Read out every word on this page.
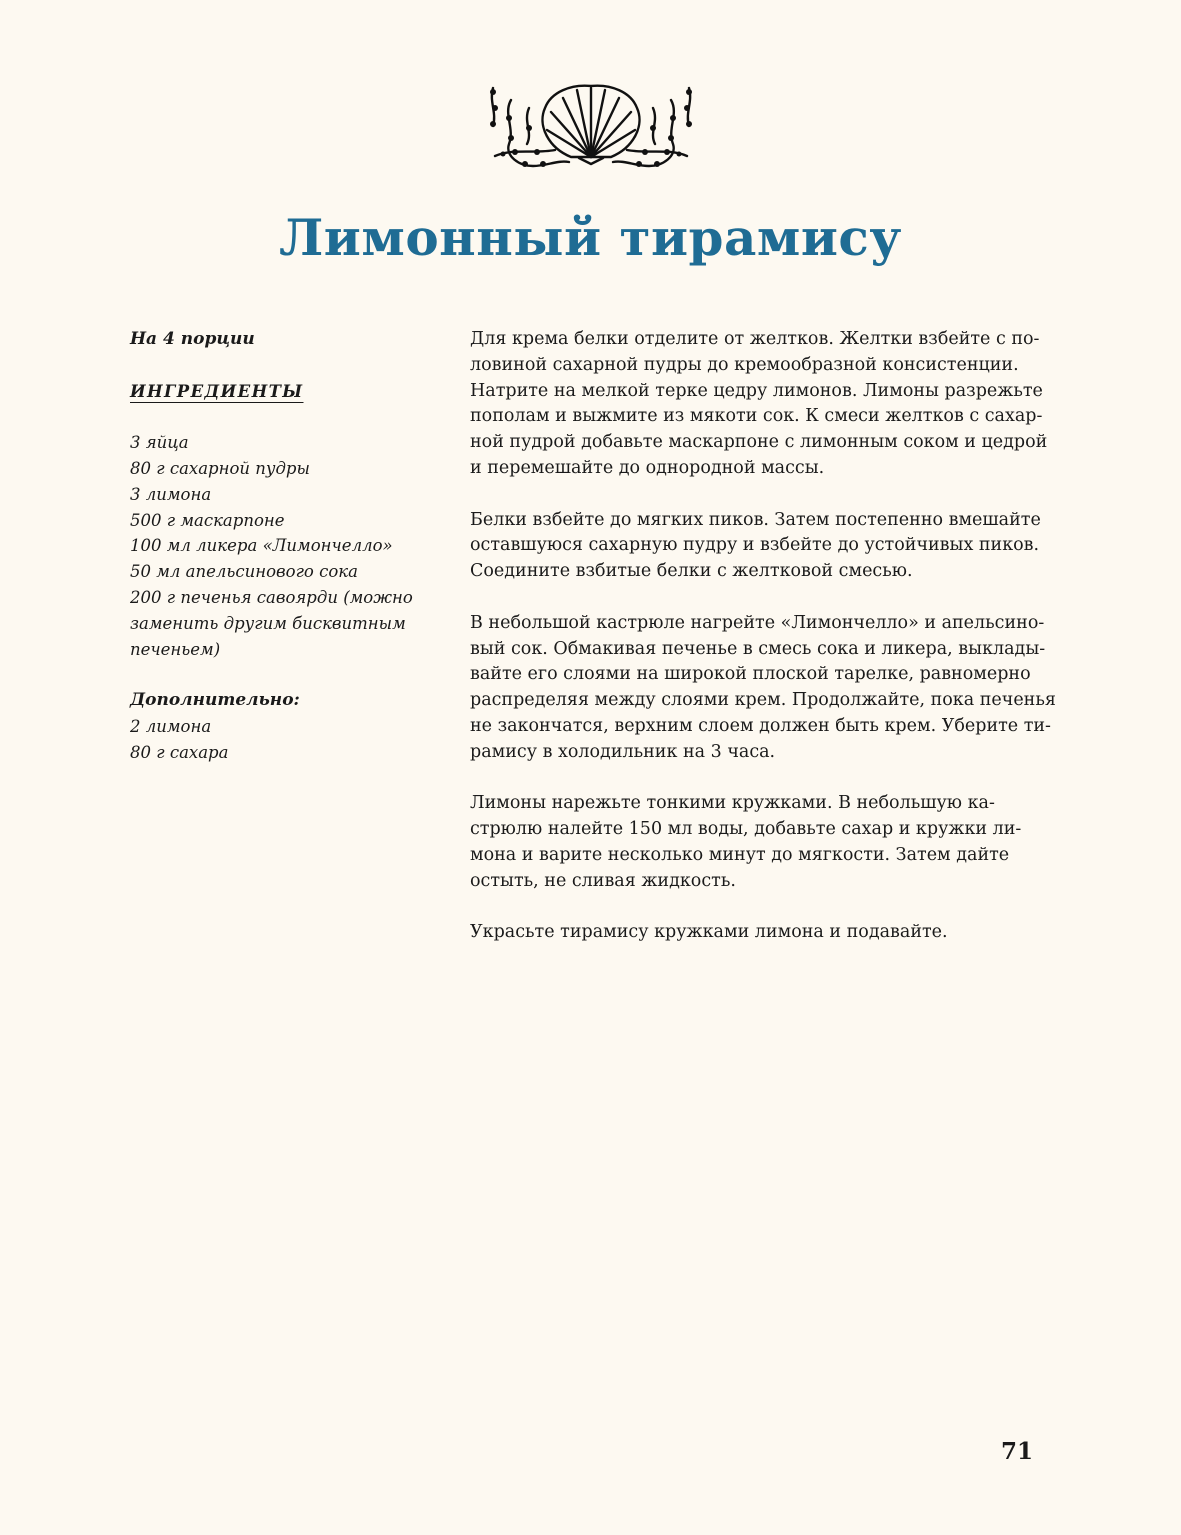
Лимонный тирамису
На 4 порции
ИНГРЕДИЕНТЫ
3 яйца
80 г сахарной пудры
3 лимона
500 г маскарпоне
100 мл ликера «Лимончелло»
50 мл апельсинового сока
200 г печенья савоярди (можно
заменить другим бисквитным
печеньем)
Дополнительно:
2 лимона
80 г сахара

Для крема белки отделите от желтков. Желтки взбейте с по-
ловиной сахарной пудры до кремообразной консистенции.
Натрите на мелкой терке цедру лимонов. Лимоны разрежьте
пополам и выжмите из мякоти сок. К смеси желтков с сахар-
ной пудрой добавьте маскарпоне с лимонным соком и цедрой
и перемешайте до однородной массы.

Белки взбейте до мягких пиков. Затем постепенно вмешайте
оставшуюся сахарную пудру и взбейте до устойчивых пиков.
Соедините взбитые белки с желтковой смесью.

В небольшой кастрюле нагрейте «Лимончелло» и апельсино-
вый сок. Обмакивая печенье в смесь сока и ликера, выклады-
вайте его слоями на широкой плоской тарелке, равномерно
распределяя между слоями крем. Продолжайте, пока печенья
не закончатся, верхним слоем должен быть крем. Уберите ти-
рамису в холодильник на 3 часа.

Лимоны нарежьте тонкими кружками. В небольшую ка-
стрюлю налейте 150 мл воды, добавьте сахар и кружки ли-
мона и варите несколько минут до мягкости. Затем дайте
остыть, не сливая жидкость.

Украсьте тирамису кружками лимона и подавайте.

71
